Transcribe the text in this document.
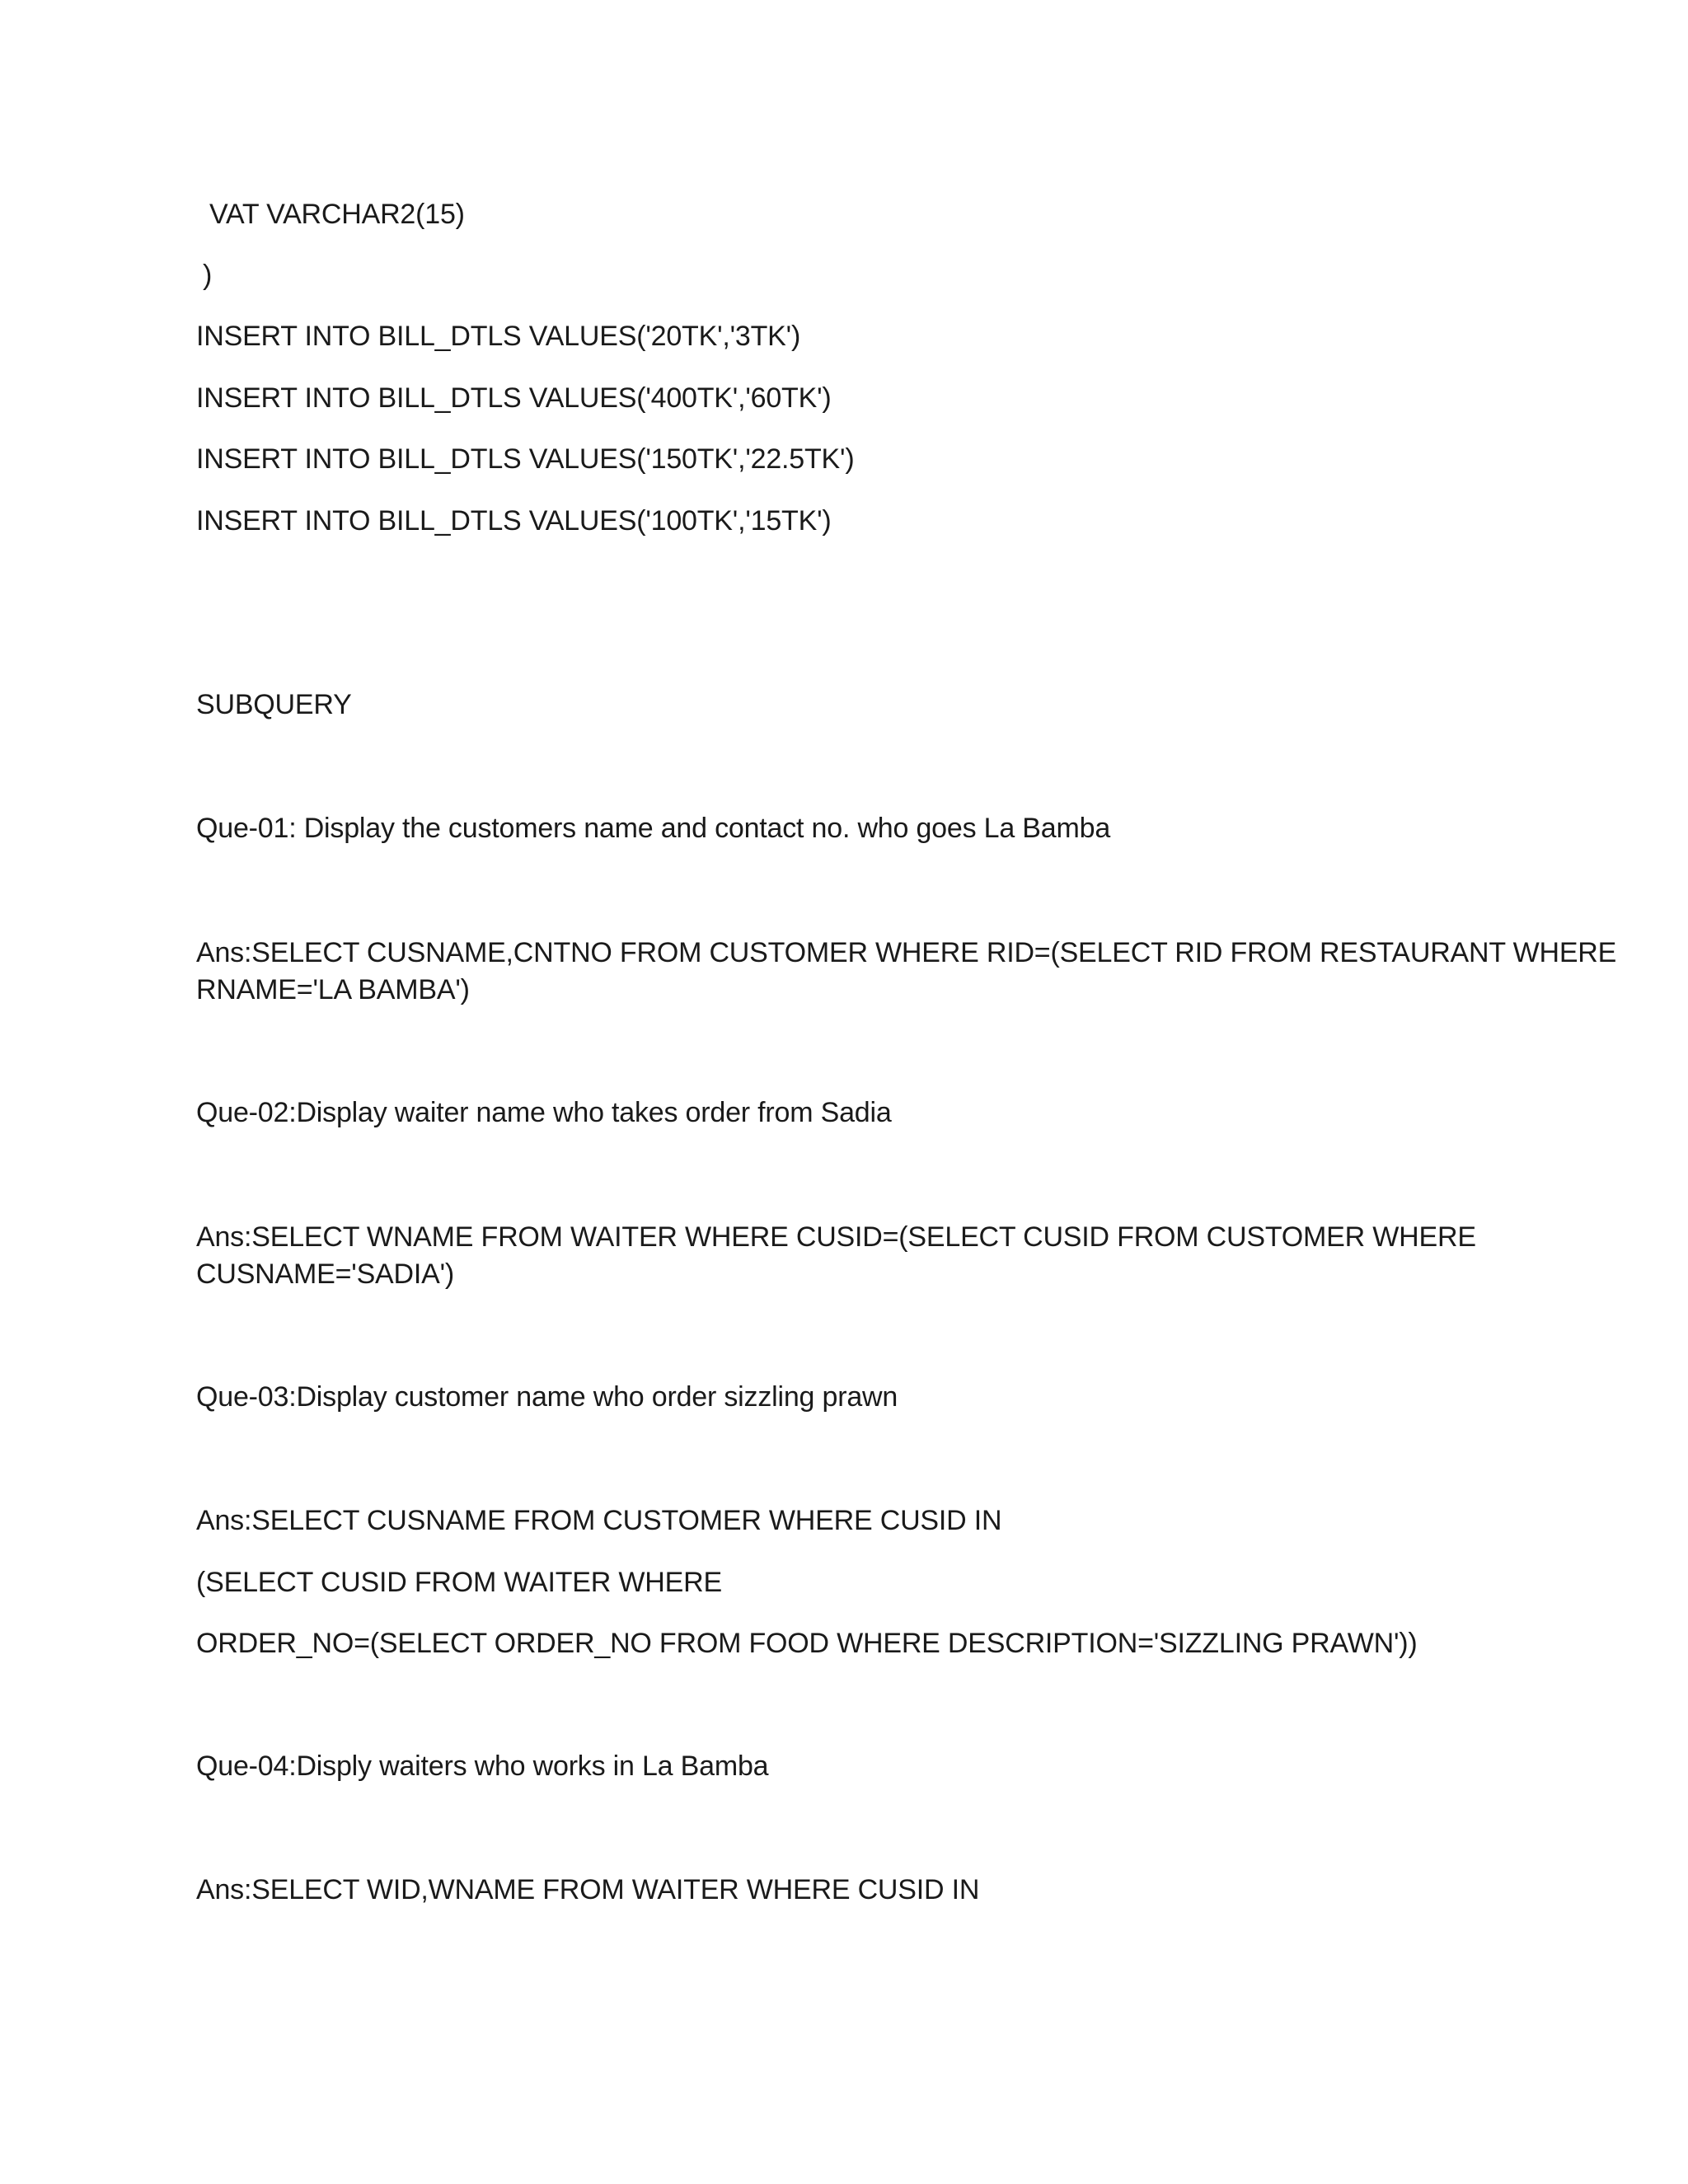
VAT VARCHAR2(15)
)
INSERT INTO BILL_DTLS VALUES('20TK','3TK')
INSERT INTO BILL_DTLS VALUES('400TK','60TK')
INSERT INTO BILL_DTLS VALUES('150TK','22.5TK')
INSERT INTO BILL_DTLS VALUES('100TK','15TK')
SUBQUERY
Que-01: Display the customers name and contact no. who goes La Bamba
Ans:SELECT CUSNAME,CNTNO FROM CUSTOMER WHERE RID=(SELECT RID FROM RESTAURANT WHERE
RNAME='LA BAMBA')
Que-02:Display waiter name who takes order from Sadia
Ans:SELECT WNAME FROM WAITER WHERE CUSID=(SELECT CUSID FROM CUSTOMER WHERE
CUSNAME='SADIA')
Que-03:Display customer name who order sizzling prawn
Ans:SELECT CUSNAME FROM CUSTOMER WHERE CUSID IN
(SELECT CUSID FROM WAITER WHERE
ORDER_NO=(SELECT ORDER_NO FROM FOOD WHERE DESCRIPTION='SIZZLING PRAWN'))
Que-04:Disply waiters who works in La Bamba
Ans:SELECT WID,WNAME FROM WAITER WHERE CUSID IN
